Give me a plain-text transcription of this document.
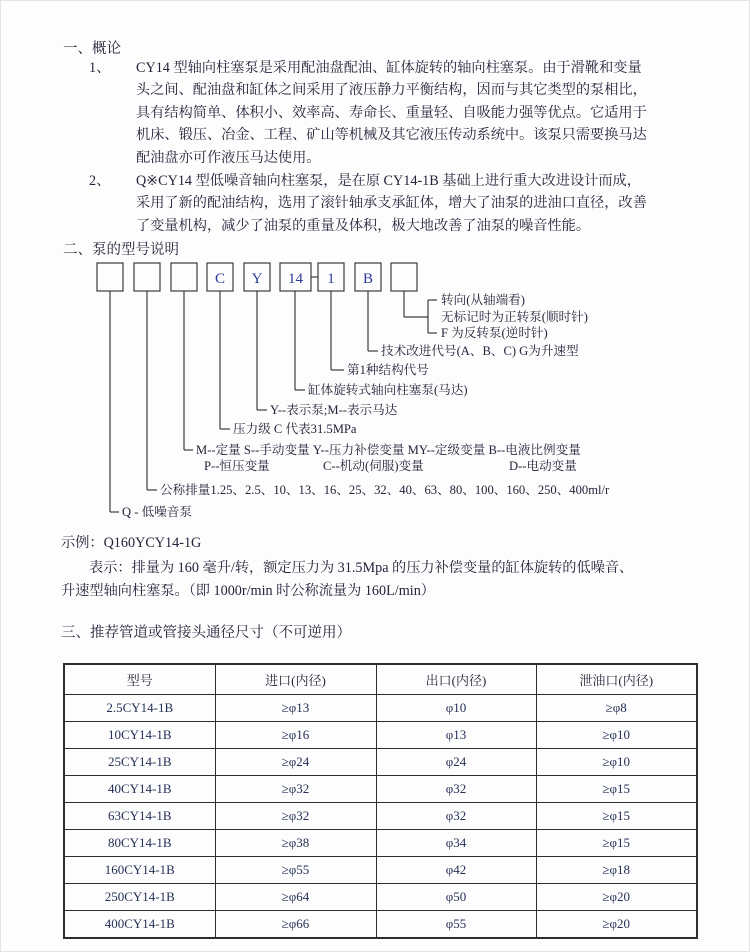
一、概论
1、	CY14 型轴向柱塞泵是采用配油盘配油、缸体旋转的轴向柱塞泵。由于滑靴和变量
头之间、配油盘和缸体之间采用了液压静力平衡结构，因而与其它类型的泵相比，
具有结构简单、体积小、效率高、寿命长、重量轻、自吸能力强等优点。它适用于
机床、锻压、冶金、工程、矿山等机械及其它液压传动系统中。该泵只需要换马达
配油盘亦可作液压马达使用。
2、	Q※CY14 型低噪音轴向柱塞泵，是在原 CY14-1B 基础上进行重大改进设计而成，
采用了新的配油结构，选用了滚针轴承支承缸体，增大了油泵的进油口直径，改善
了变量机构，减少了油泵的重量及体积，极大地改善了油泵的噪音性能。
二、泵的型号说明
C Y 14 1 B
转向(从轴端看)
无标记时为正转泵(顺时针)
F 为反转泵(逆时针)
技术改进代号(A、B、C) G为升速型
第1种结构代号
缸体旋转式轴向柱塞泵(马达)
Y--表示泵;M--表示马达
压力级 C 代表31.5MPa
M--定量 S--手动变量 Y--压力补偿变量 MY--定级变量 B--电液比例变量
P--恒压变量	C--机动(伺服)变量	D--电动变量
公称排量1.25、2.5、10、13、16、25、32、40、63、80、100、160、250、400ml/r
Q - 低噪音泵
示例：Q160YCY14-1G
表示：排量为 160 毫升/转，额定压力为 31.5Mpa 的压力补偿变量的缸体旋转的低噪音、
升速型轴向柱塞泵。（即 1000r/min 时公称流量为 160L/min）
三、推荐管道或管接头通径尺寸（不可逆用）
型号	进口(内径)	出口(内径)	泄油口(内径)
2.5CY14-1B	≥φ13	φ10	≥φ8
10CY14-1B	≥φ16	φ13	≥φ10
25CY14-1B	≥φ24	φ24	≥φ10
40CY14-1B	≥φ32	φ32	≥φ15
63CY14-1B	≥φ32	φ32	≥φ15
80CY14-1B	≥φ38	φ34	≥φ15
160CY14-1B	≥φ55	φ42	≥φ18
250CY14-1B	≥φ64	φ50	≥φ20
400CY14-1B	≥φ66	φ55	≥φ20
